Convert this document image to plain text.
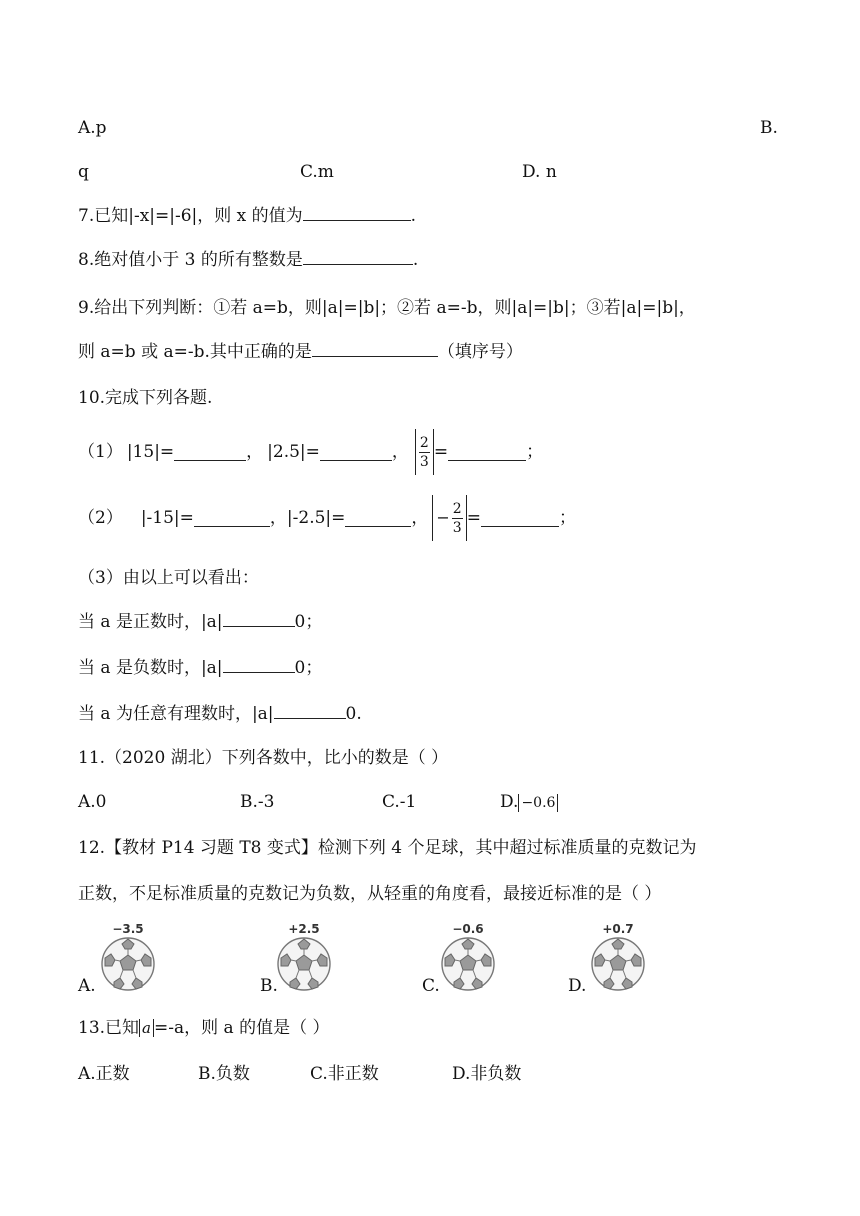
A.p	B.
q	C.m	D. n
7.已知|-x|=|-6|，则 x 的值为	.
8.绝对值小于 3 的所有整数是	.
9.给出下列判断：①若 a=b，则|a|=|b|；②若 a=-b，则|a|=|b|；③若|a|=|b|，
则 a=b 或 a=-b.其中正确的是	（填序号）
10.完成下列各题.
（1） |15|=	， |2.5|=	， $\frac{2}{3}$ =	；
（2） |-15|=	， |-2.5|=	， − $\frac{2}{3}$ =	；
（3）由以上可以看出：
当 a 是正数时，|a|	0；
当 a 是负数时，|a|	0；
当 a 为任意有理数时，|a|	0.
11.（2020 湖北）下列各数中，比小的数是（ ）
A.0	B.-3	C.-1	D. −0.6
12.【教材 P14 习题 T8 变式】检测下列 4 个足球，其中超过标准质量的克数记为
正数，不足标准质量的克数记为负数，从轻重的角度看，最接近标准的是（ ）
A.
−3.5
B.
+2.5
C.
−0.6
D.
+0.7
13.已知 a =-a，则 a 的值是（ ）
A.正数	B.负数	C.非正数	D.非负数
